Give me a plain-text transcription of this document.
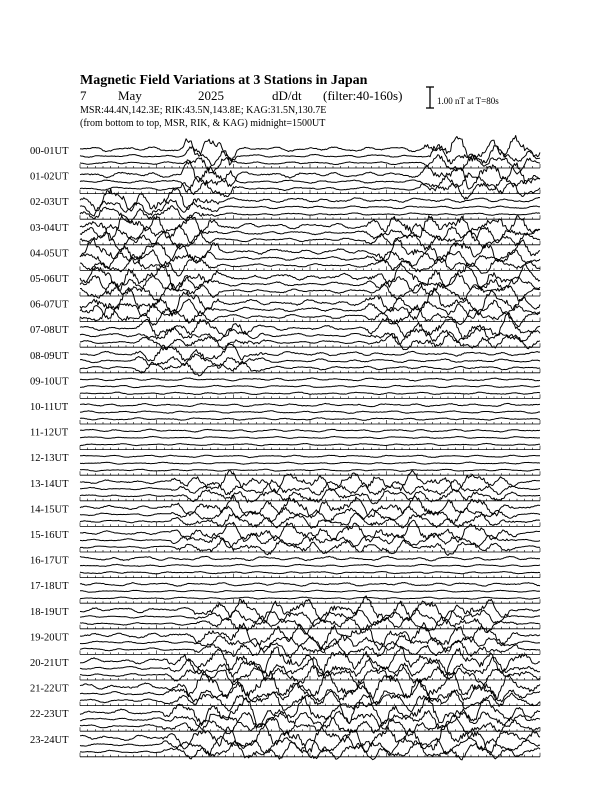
Magnetic Field Variations at 3 Stations in Japan
7 May	2025	dD/dt (filter:40-160s)
MSR:44.4N,142.3E; RIK:43.5N,143.8E; KAG:31.5N,130.7E
(from bottom to top, MSR, RIK, & KAG) midnight=1500UT
1.00 nT at T=80s
00-01UT
01-02UT
02-03UT
03-04UT
04-05UT
05-06UT
06-07UT
07-08UT
08-09UT
09-10UT
10-11UT
11-12UT
12-13UT
13-14UT
14-15UT
15-16UT
16-17UT
17-18UT
18-19UT
19-20UT
20-21UT
21-22UT
22-23UT
23-24UT
